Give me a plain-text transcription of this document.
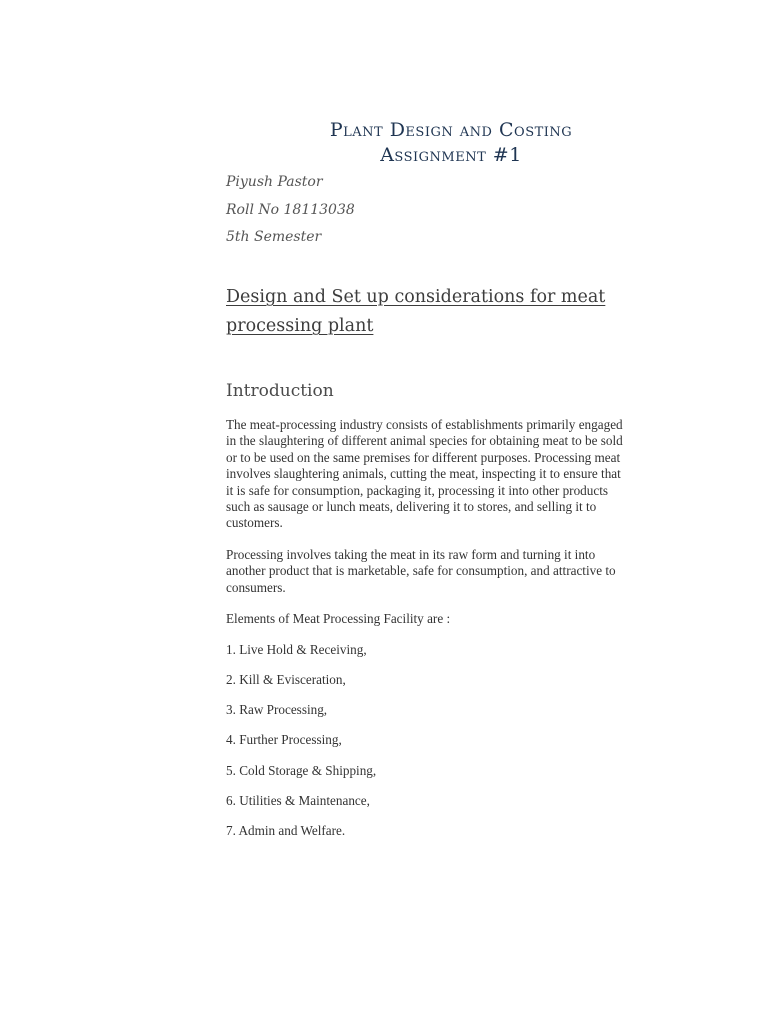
Plant Design and Costing
Assignment #1
Piyush Pastor
Roll No 18113038
5th Semester
Design and Set up considerations for meat
processing plant
Introduction
The meat-processing industry consists of establishments primarily engaged
in the slaughtering of different animal species for obtaining meat to be sold
or to be used on the same premises for different purposes. Processing meat
involves slaughtering animals, cutting the meat, inspecting it to ensure that
it is safe for consumption, packaging it, processing it into other products
such as sausage or lunch meats, delivering it to stores, and selling it to
customers.
Processing involves taking the meat in its raw form and turning it into
another product that is marketable, safe for consumption, and attractive to
consumers.
Elements of Meat Processing Facility are :
1. Live Hold & Receiving,
2. Kill & Evisceration,
3. Raw Processing,
4. Further Processing,
5. Cold Storage & Shipping,
6. Utilities & Maintenance,
7. Admin and Welfare.
